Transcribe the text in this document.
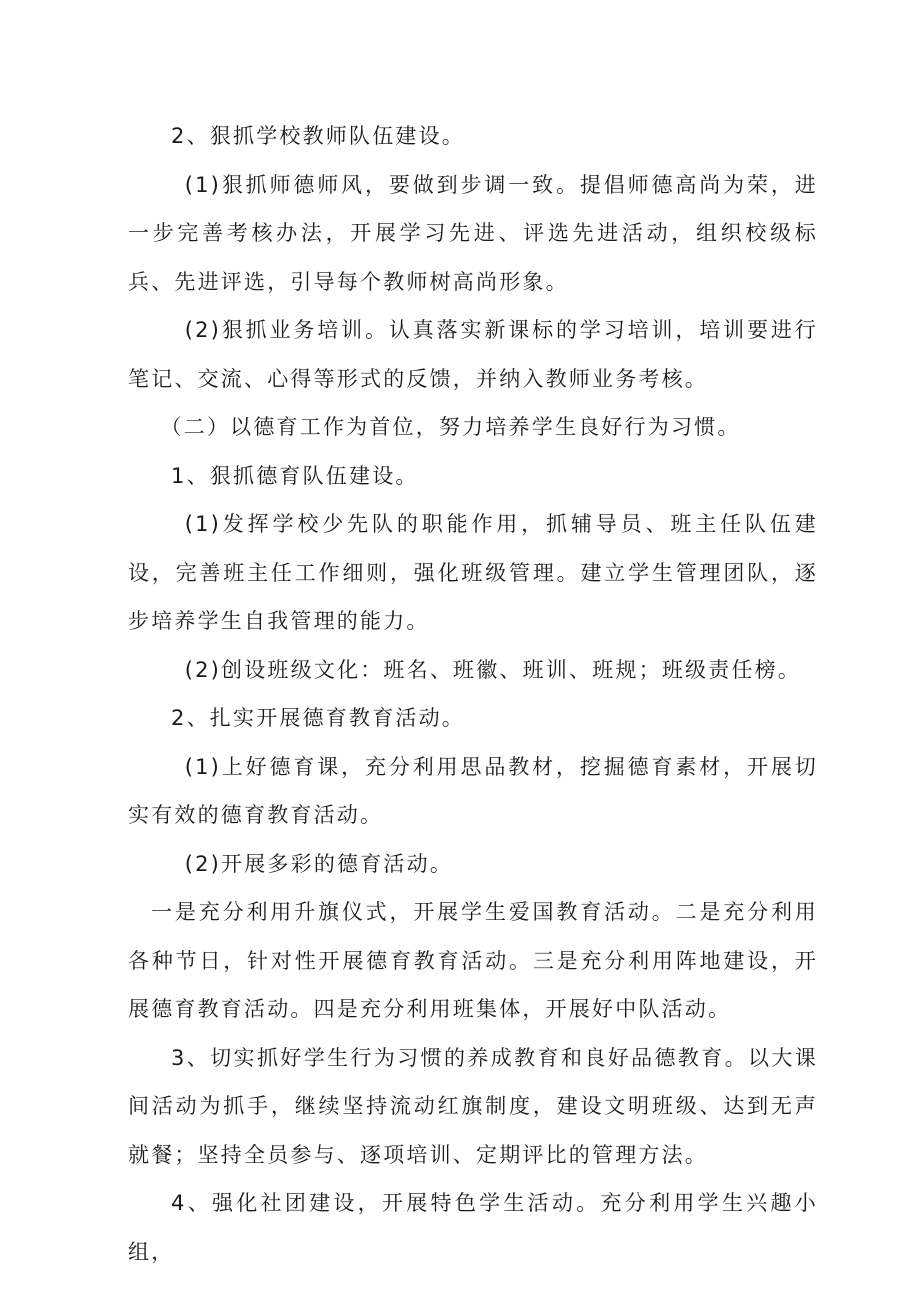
2、狠抓学校教师队伍建设。

(1)狠抓师德师风，要做到步调一致。提倡师德高尚为荣，进一步完善考核办法，开展学习先进、评选先进活动，组织校级标兵、先进评选，引导每个教师树高尚形象。

(2)狠抓业务培训。认真落实新课标的学习培训，培训要进行笔记、交流、心得等形式的反馈，并纳入教师业务考核。

（二）以德育工作为首位，努力培养学生良好行为习惯。

1、狠抓德育队伍建设。

(1)发挥学校少先队的职能作用，抓辅导员、班主任队伍建设，完善班主任工作细则，强化班级管理。建立学生管理团队，逐步培养学生自我管理的能力。

(2)创设班级文化：班名、班徽、班训、班规；班级责任榜。

2、扎实开展德育教育活动。

(1)上好德育课，充分利用思品教材，挖掘德育素材，开展切实有效的德育教育活动。

(2)开展多彩的德育活动。

一是充分利用升旗仪式，开展学生爱国教育活动。二是充分利用各种节日，针对性开展德育教育活动。三是充分利用阵地建设，开展德育教育活动。四是充分利用班集体，开展好中队活动。

3、切实抓好学生行为习惯的养成教育和良好品德教育。以大课间活动为抓手，继续坚持流动红旗制度，建设文明班级、达到无声就餐；坚持全员参与、逐项培训、定期评比的管理方法。

4、强化社团建设，开展特色学生活动。充分利用学生兴趣小组，
